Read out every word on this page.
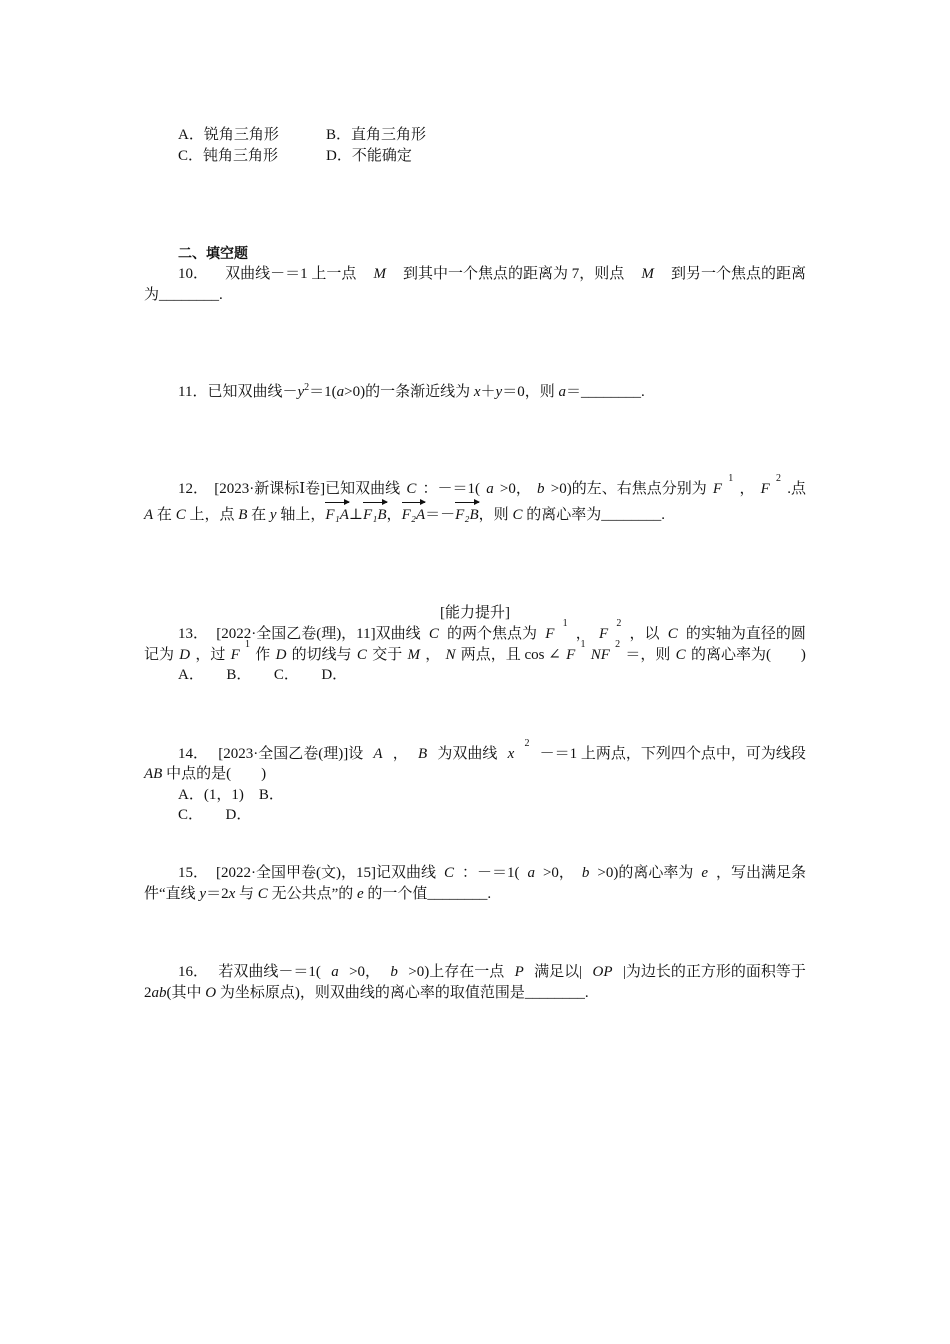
A．锐角三角形	B．直角三角形
C．钝角三角形	D．不能确定
二、填空题
10． 双曲线－＝1 上一点 M 到其中一个焦点的距离为 7，则点 M 到另一个焦点的距离
为________.
11．已知双曲线$-y^2=1(a>0)$的一条渐近线为 x＋y＝0，则 a＝________.
12． [2023·新课标Ⅰ卷]已知双曲线 C ：－＝1( a >0， b >0)的左、右焦点分别为 F
1
， F
2
.点
A 在 C 上，点 B 在 y 轴上，F₁A⊥F₁B，F₂A＝－F₂B，则 C 的离心率为________.
[能力提升]
13． [2022·全国乙卷(理)，11]双曲线 C 的两个焦点为 F
1
， F
2
，以 C 的实轴为直径的圆
记为 D ，过 F
1
作 D 的切线与 C 交于 M ， N 两点，且 cos ∠ F
1
NF
2
＝，则 C 的离心率为(　　)
A．　　B．　　C．　　D．
14． [2023·全国乙卷(理)]设 A ， B 为双曲线 x
2
－＝1 上两点，下列四个点中，可为线段
AB 中点的是(　　)
A．(1，1)　B．
C．　　D．
15． [2022·全国甲卷(文)，15]记双曲线 C ：－＝1( a >0， b >0)的离心率为 e ，写出满足条
件“直线 y＝2x 与 C 无公共点”的 e 的一个值________.
16． 若双曲线－＝1( a >0， b >0)上存在一点 P 满足以| OP |为边长的正方形的面积等于
2ab(其中 O 为坐标原点)，则双曲线的离心率的取值范围是________.
